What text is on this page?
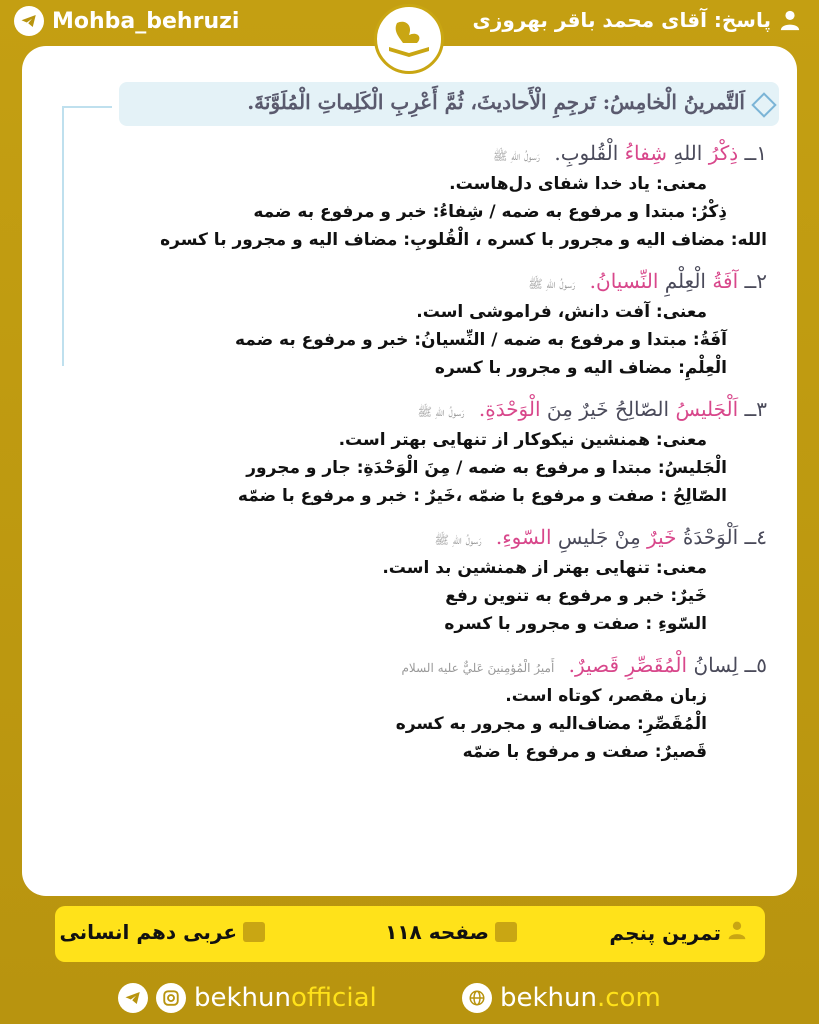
Mohba_behruzi	پاسخ: آقای محمد باقر بهروزی
اَلتَّمرينُ الْخامِسُ: تَرجِمِ الْأَحاديثَ، ثُمَّ أَعْرِبِ الْكَلِماتِ الْمُلَوَّنَةَ.
۱ــ ذِكْرُ اللهِ شِفاءُ الْقُلوبِ. رَسولُ اللهِ ﷺ
معنی: یاد خدا شفای دل‌هاست.
ذِكْرُ: مبتدا و مرفوع به ضمه / شِفاءُ: خبر و مرفوع به ضمه
الله: مضاف الیه و مجرور با کسره ، الْقُلوبِ: مضاف الیه و مجرور با کسره
۲ــ آفَةُ الْعِلْمِ النِّسيانُ. رَسولُ اللهِ ﷺ
معنی: آفت دانش، فراموشی است.
آفَةُ: مبتدا و مرفوع به ضمه / النِّسيانُ: خبر و مرفوع به ضمه
الْعِلْمِ: مضاف الیه و مجرور با کسره
۳ــ اَلْجَليسُ الصّالِحُ خَيرٌ مِنَ الْوَحْدَةِ. رَسولُ اللهِ ﷺ
معنی: همنشین نیکوکار از تنهایی بهتر است.
الْجَليسُ: مبتدا و مرفوع به ضمه / مِنَ الْوَحْدَةِ: جار و مجرور
الصّالِحُ : صفت و مرفوع با ضمّه ،خَيرٌ : خبر و مرفوع با ضمّه
٤ــ اَلْوَحْدَةُ خَيرٌ مِنْ جَليسِ السّوءِ. رَسولُ اللهِ ﷺ
معنی: تنهایی بهتر از همنشین بد است.
خَيرٌ: خبر و مرفوع به تنوین رفع
السّوءِ : صفت و مجرور با کسره
٥ــ لِسانُ الْمُقَصِّرِ قَصيرٌ. أَميرُ الْمُؤمِنينَ عَليٌّ عليه السلام
زبان مقصر، کوتاه است.
الْمُقَصِّرِ: مضاف‌الیه و مجرور به کسره
قَصيرٌ: صفت و مرفوع با ضمّه
تمرین پنجم
صفحه ۱۱۸
عربی دهم انسانی
bekhunofficial	bekhun.com
